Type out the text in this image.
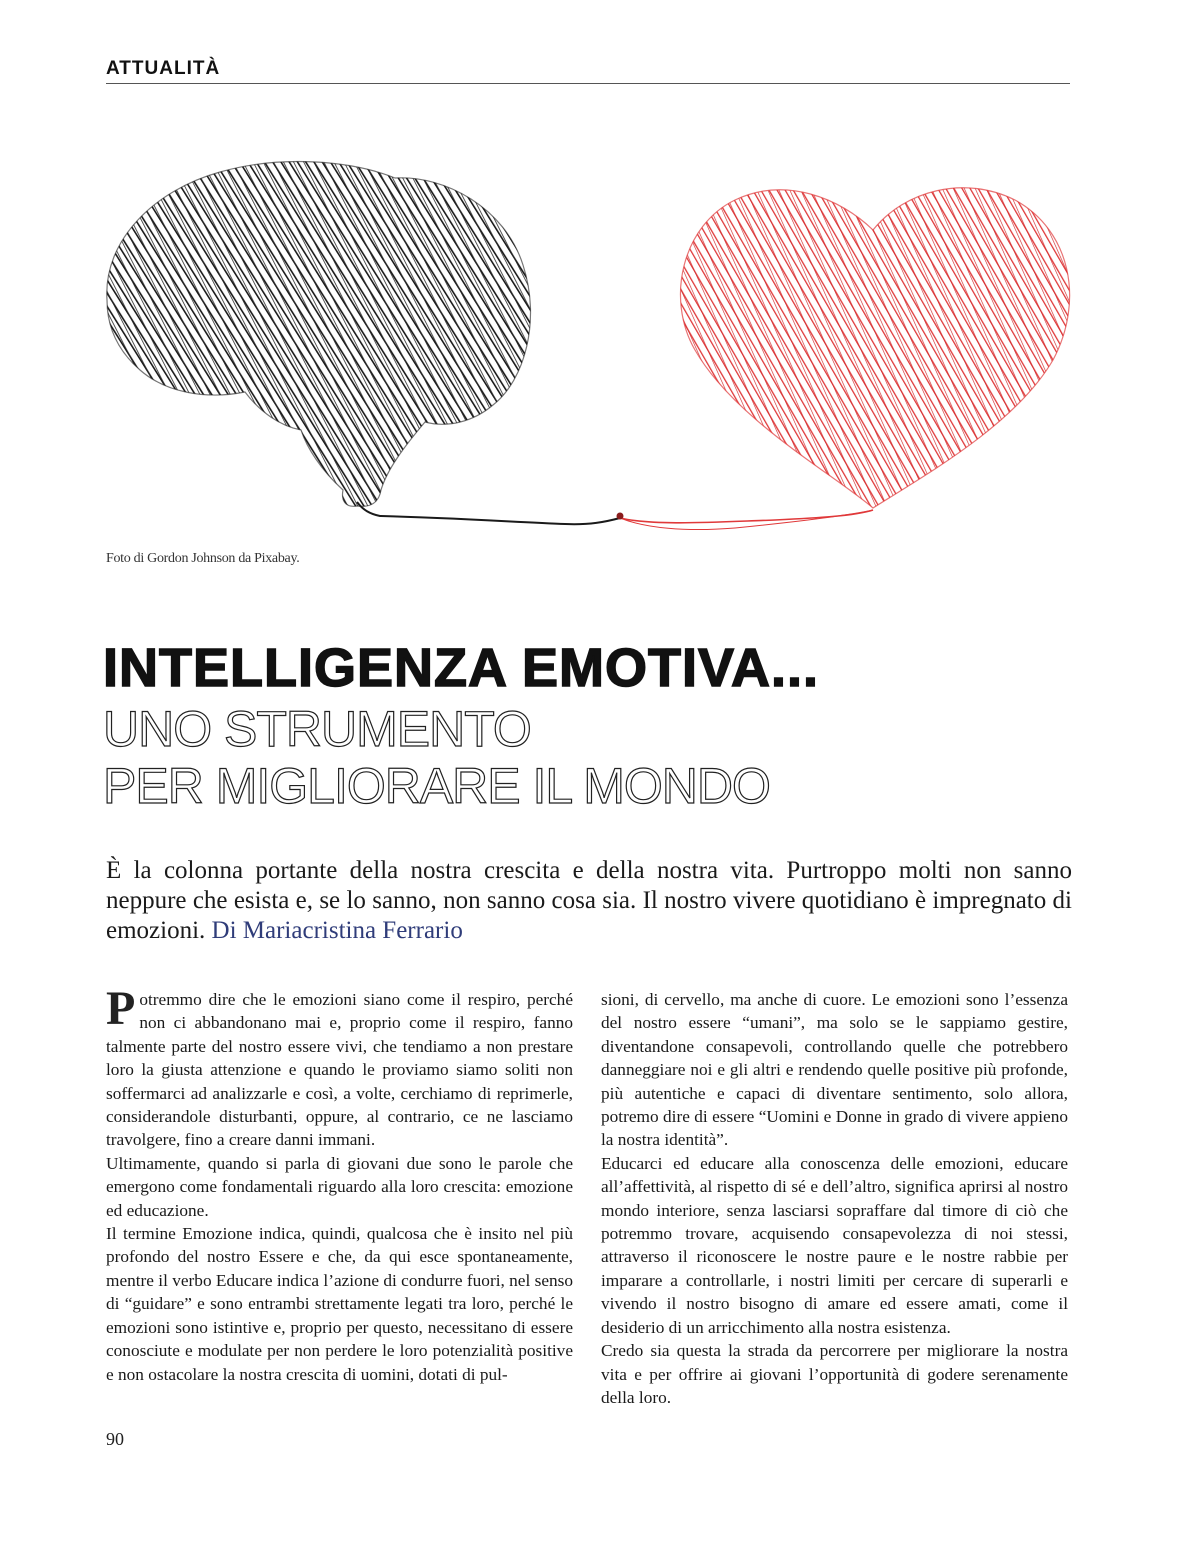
ATTUALITÀ
Foto di Gordon Johnson da Pixabay.
INTELLIGENZA EMOTIVA...
UNO STRUMENTO
PER MIGLIORARE IL MONDO
È la colonna portante della nostra crescita e della nostra vita. Purtroppo molti non sanno neppure che esista e, se lo sanno, non sanno cosa sia. Il nostro vivere quotidiano è impregnato di emozioni. Di Mariacristina Ferrario

Potremmo dire che le emozioni siano come il respiro, perché non ci abbandonano mai e, proprio come il respiro, fanno talmente parte del nostro essere vivi, che tendiamo a non prestare loro la giusta attenzione e quando le proviamo siamo soliti non soffermarci ad analizzarle e così, a volte, cerchiamo di reprimerle, considerandole disturbanti, oppure, al contrario, ce ne lasciamo travolgere, fino a creare danni immani.

Ultimamente, quando si parla di giovani due sono le parole che emergono come fondamentali riguardo alla loro crescita: emozione ed educazione.

Il termine Emozione indica, quindi, qualcosa che è insito nel più profondo del nostro Essere e che, da qui esce spontaneamente, mentre il verbo Educare indica l’azione di condurre fuori, nel senso di “guidare” e sono entrambi strettamente legati tra loro, perché le emozioni sono istintive e, proprio per questo, necessitano di essere conosciute e modulate per non perdere le loro potenzialità positive e non ostacolare la nostra crescita di uomini, dotati di pul-

sioni, di cervello, ma anche di cuore. Le emozioni sono l’essenza del nostro essere “umani”, ma solo se le sappiamo gestire, diventandone consapevoli, controllando quelle che potrebbero danneggiare noi e gli altri e rendendo quelle positive più profonde, più autentiche e capaci di diventare sentimento, solo allora, potremo dire di essere “Uomini e Donne in grado di vivere appieno la nostra identità”.

Educarci ed educare alla conoscenza delle emozioni, educare all’affettività, al rispetto di sé e dell’altro, significa aprirsi al nostro mondo interiore, senza lasciarsi sopraffare dal timore di ciò che potremmo trovare, acquisendo consapevolezza di noi stessi, attraverso il riconoscere le nostre paure e le nostre rabbie per imparare a controllarle, i nostri limiti per cercare di superarli e vivendo il nostro bisogno di amare ed essere amati, come il desiderio di un arricchimento alla nostra esistenza.

Credo sia questa la strada da percorrere per migliorare la nostra vita e per offrire ai giovani l’opportunità di godere serenamente della loro.

90
